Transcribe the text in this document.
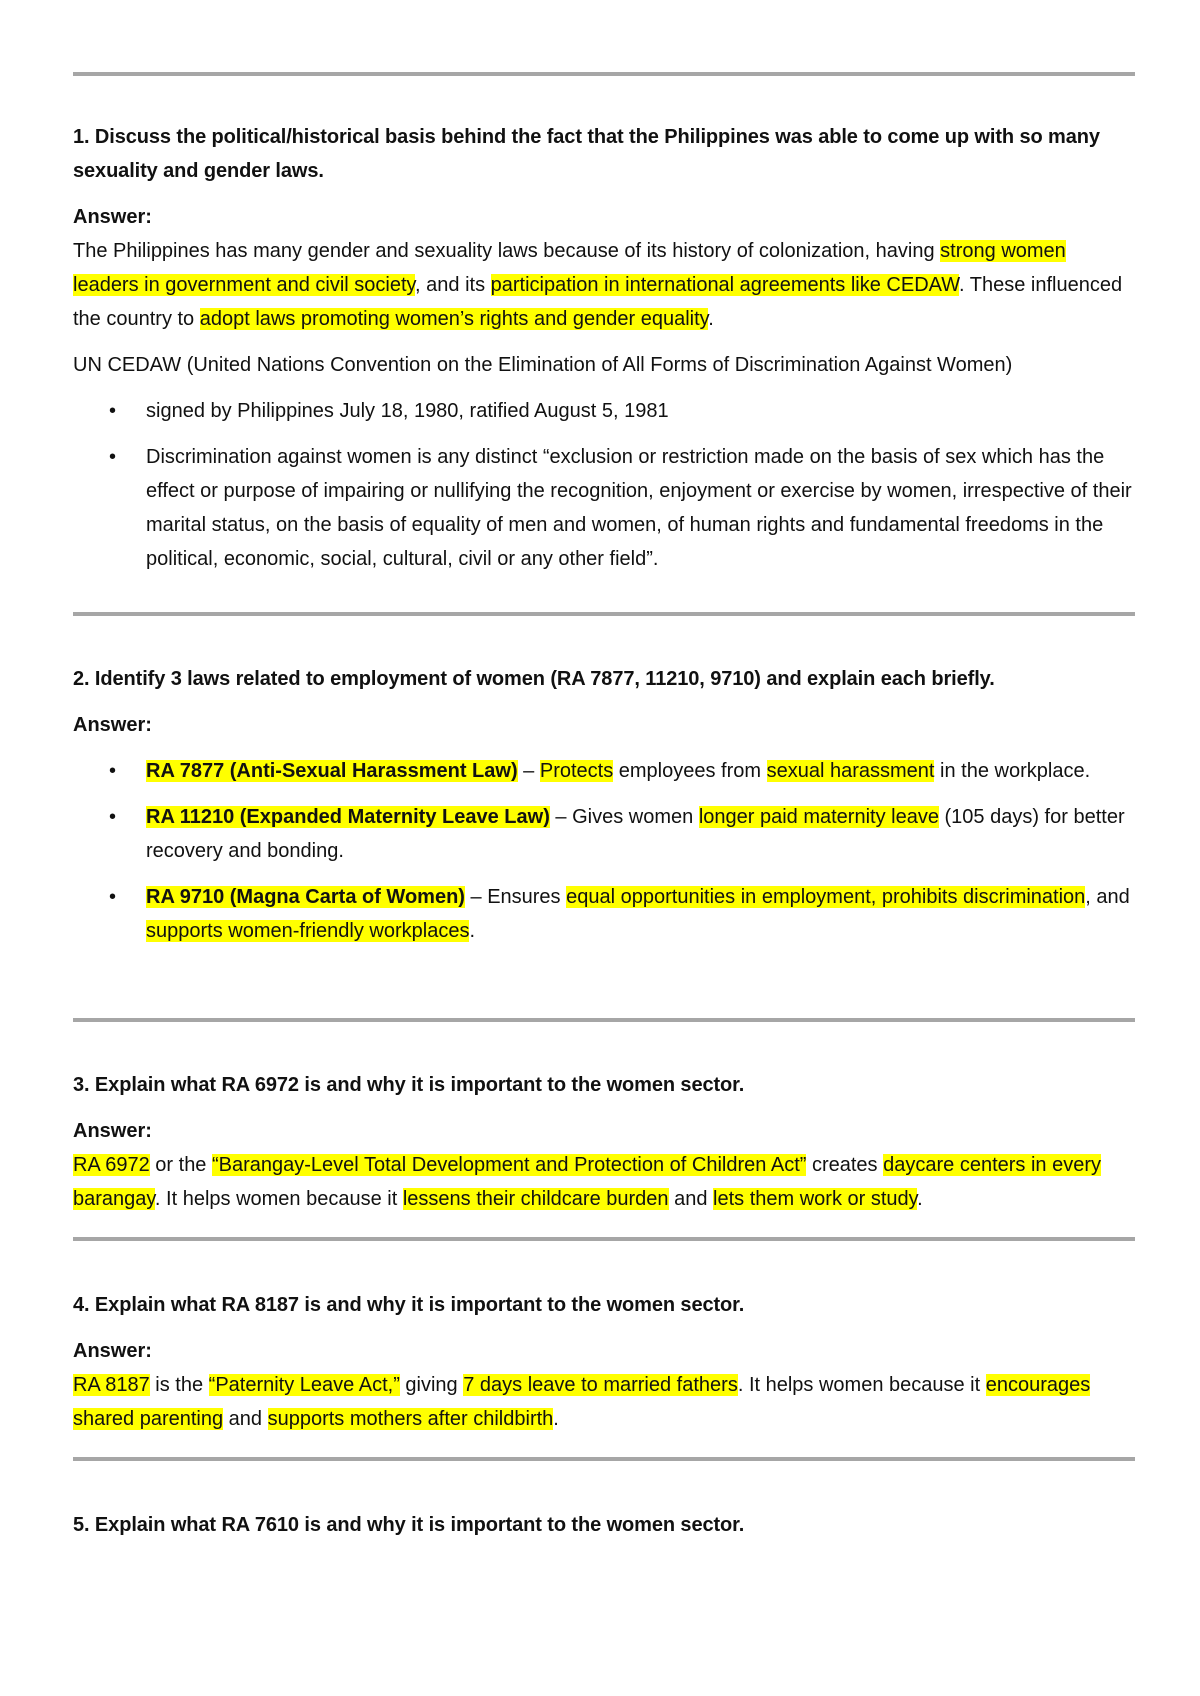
1. Discuss the political/historical basis behind the fact that the Philippines was able to come up with so many sexuality and gender laws.

Answer:

The Philippines has many gender and sexuality laws because of its history of colonization, having strong women leaders in government and civil society, and its participation in international agreements like CEDAW. These influenced the country to adopt laws promoting women’s rights and gender equality.

UN CEDAW (United Nations Convention on the Elimination of All Forms of Discrimination Against Women)

• signed by Philippines July 18, 1980, ratified August 5, 1981
• Discrimination against women is any distinct “exclusion or restriction made on the basis of sex which has the effect or purpose of impairing or nullifying the recognition, enjoyment or exercise by women, irrespective of their marital status, on the basis of equality of men and women, of human rights and fundamental freedoms in the political, economic, social, cultural, civil or any other field”.

2. Identify 3 laws related to employment of women (RA 7877, 11210, 9710) and explain each briefly.

Answer:

• RA 7877 (Anti-Sexual Harassment Law) – Protects employees from sexual harassment in the workplace.
• RA 11210 (Expanded Maternity Leave Law) – Gives women longer paid maternity leave (105 days) for better recovery and bonding.
• RA 9710 (Magna Carta of Women) – Ensures equal opportunities in employment, prohibits discrimination, and supports women-friendly workplaces.

3. Explain what RA 6972 is and why it is important to the women sector.

Answer:

RA 6972 or the “Barangay-Level Total Development and Protection of Children Act” creates daycare centers in every barangay. It helps women because it lessens their childcare burden and lets them work or study.

4. Explain what RA 8187 is and why it is important to the women sector.

Answer:

RA 8187 is the “Paternity Leave Act,” giving 7 days leave to married fathers. It helps women because it encourages shared parenting and supports mothers after childbirth.

5. Explain what RA 7610 is and why it is important to the women sector.
